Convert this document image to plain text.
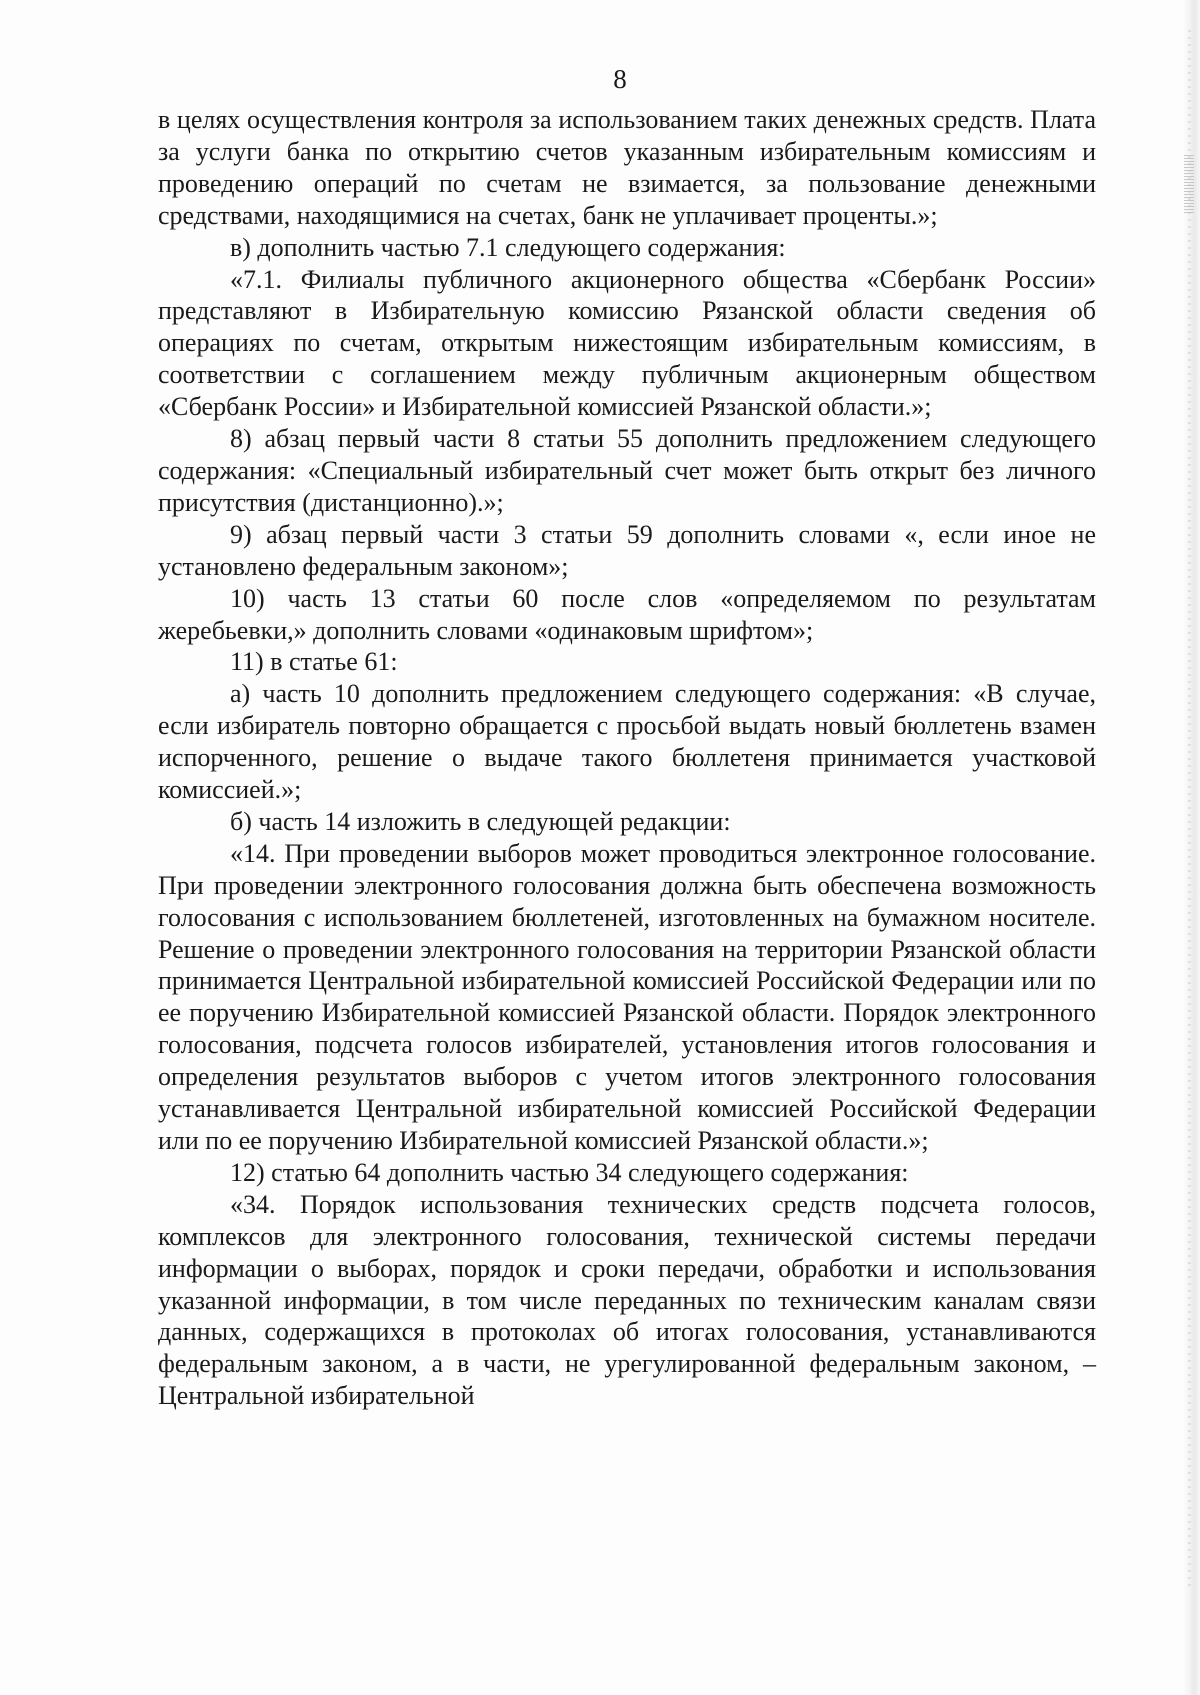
8

в целях осуществления контроля за использованием таких денежных средств. Плата за услуги банка по открытию счетов указанным избирательным комиссиям и проведению операций по счетам не взимается, за пользование денежными средствами, находящимися на счетах, банк не уплачивает проценты.»;

в) дополнить частью 7.1 следующего содержания:

«7.1. Филиалы публичного акционерного общества «Сбербанк России» представляют в Избирательную комиссию Рязанской области сведения об операциях по счетам, открытым нижестоящим избирательным комиссиям, в соответствии с соглашением между публичным акционерным обществом «Сбербанк России» и Избирательной комиссией Рязанской области.»;

8) абзац первый части 8 статьи 55 дополнить предложением следующего содержания: «Специальный избирательный счет может быть открыт без личного присутствия (дистанционно).»;

9) абзац первый части 3 статьи 59 дополнить словами «, если иное не установлено федеральным законом»;

10) часть 13 статьи 60 после слов «определяемом по результатам жеребьевки,» дополнить словами «одинаковым шрифтом»;

11) в статье 61:

а) часть 10 дополнить предложением следующего содержания: «В случае, если избиратель повторно обращается с просьбой выдать новый бюллетень взамен испорченного, решение о выдаче такого бюллетеня принимается участковой комиссией.»;

б) часть 14 изложить в следующей редакции:

«14. При проведении выборов может проводиться электронное голосование. При проведении электронного голосования должна быть обеспечена возможность голосования с использованием бюллетеней, изготовленных на бумажном носителе. Решение о проведении электронного голосования на территории Рязанской области принимается Центральной избирательной комиссией Российской Федерации или по ее поручению Избирательной комиссией Рязанской области. Порядок электронного голосования, подсчета голосов избирателей, установления итогов голосования и определения результатов выборов с учетом итогов электронного голосования устанавливается Центральной избирательной комиссией Российской Федерации или по ее поручению Избирательной комиссией Рязанской области.»;

12) статью 64 дополнить частью 34 следующего содержания:

«34. Порядок использования технических средств подсчета голосов, комплексов для электронного голосования, технической системы передачи информации о выборах, порядок и сроки передачи, обработки и использования указанной информации, в том числе переданных по техническим каналам связи данных, содержащихся в протоколах об итогах голосования, устанавливаются федеральным законом, а в части, не урегулированной федеральным законом, – Центральной избирательной
